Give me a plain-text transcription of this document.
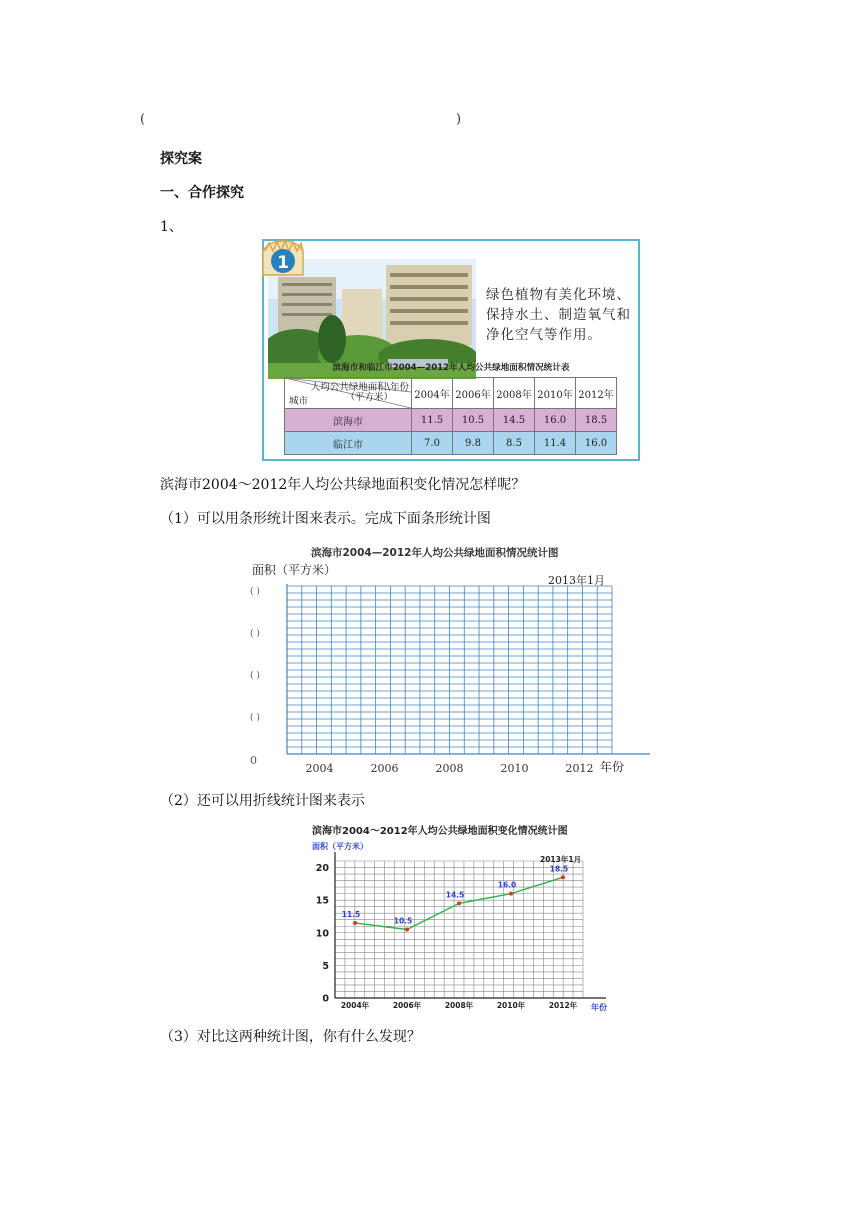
(	)
探究案
一、合作探究
1、
1
绿色植物有美化环境、保持水土、制造氧气和净化空气等作用。
滨海市和临江市2004—2012年人均公共绿地面积情况统计表
人均公共绿地面积\年份
（平方米）
城市	2004年	2006年	2008年	2010年	2012年
滨海市	11.5	10.5	14.5	16.0	18.5
临江市	7.0	9.8	8.5	11.4	16.0
滨海市2004～2012年人均公共绿地面积变化情况怎样呢？
（1）可以用条形统计图来表示。完成下面条形统计图
2004	2006	2008	2010	2012
( )
( )
( )
( )
0
滨海市2004—2012年人均公共绿地面积情况统计图
面积（平方米）
2013年1月
年份
（2）还可以用折线统计图来表示
0
5
10
15
20
2004年	2006年	2008年	2010年	2012年
11.5
10.5
14.5
16.0
18.5
滨海市2004～2012年人均公共绿地面积变化情况统计图
面积（平方米）
2013年1月
年份
（3）对比这两种统计图，你有什么发现？
